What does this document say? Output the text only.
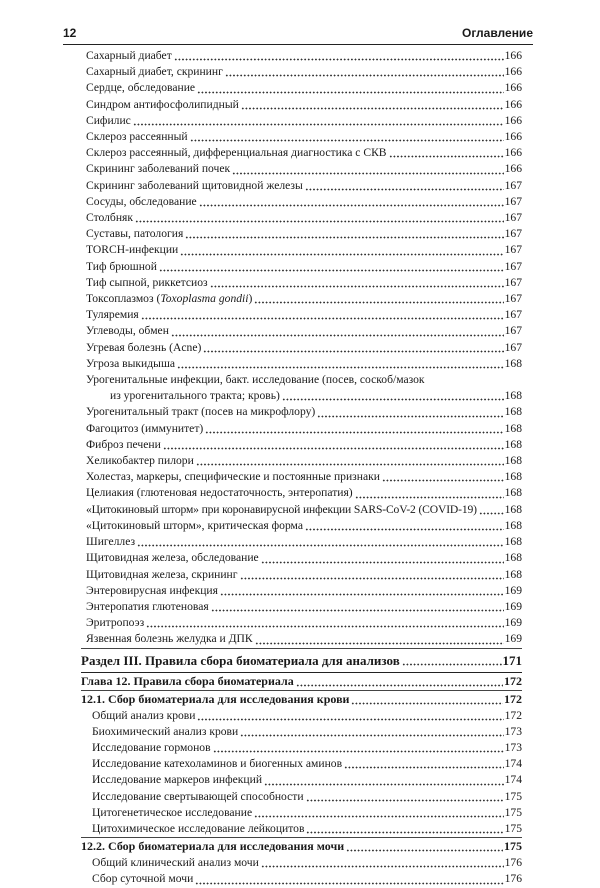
12	Оглавление
Сахарный диабет	166
Сахарный диабет, скрининг	166
Сердце, обследование	166
Синдром антифосфолипидный	166
Сифилис	166
Склероз рассеянный	166
Склероз рассеянный, дифференциальная диагностика с СКВ	166
Скрининг заболеваний почек	166
Скрининг заболеваний щитовидной железы	167
Сосуды, обследование	167
Столбняк	167
Суставы, патология	167
TORCH-инфекции	167
Тиф брюшной	167
Тиф сыпной, риккетсиоз	167
Токсоплазмоз (Toxoplasma gondii)	167
Туляремия	167
Углеводы, обмен	167
Угревая болезнь (Acne)	167
Угроза выкидыша	168
Урогенитальные инфекции, бакт. исследование (посев, соскоб/мазок
из урогенитального тракта; кровь)	168
Урогенитальный тракт (посев на микрофлору)	168
Фагоцитоз (иммунитет)	168
Фиброз печени	168
Хеликобактер пилори	168
Холестаз, маркеры, специфические и постоянные признаки	168
Целиакия (глютеновая недостаточность, энтеропатия)	168
«Цитокиновый шторм» при коронавирусной инфекции SARS-CoV-2 (COVID-19) 168
«Цитокиновый шторм», критическая форма	168
Шигеллез	168
Щитовидная железа, обследование	168
Щитовидная железа, скрининг	168
Энтеровирусная инфекция	169
Энтеропатия глютеновая	169
Эритропоэз	169
Язвенная болезнь желудка и ДПК	169
Раздел III. Правила сбора биоматериала для анализов	171
Глава 12. Правила сбора биоматериала	172
12.1. Сбор биоматериала для исследования крови	172
Общий анализ крови	172
Биохимический анализ крови	173
Исследование гормонов	173
Исследование катехоламинов и биогенных аминов	174
Исследование маркеров инфекций	174
Исследование свертывающей способности	175
Цитогенетическое исследование	175
Цитохимическое исследование лейкоцитов	175
12.2. Сбор биоматериала для исследования мочи	175
Общий клинический анализ мочи	176
Сбор суточной мочи	176
